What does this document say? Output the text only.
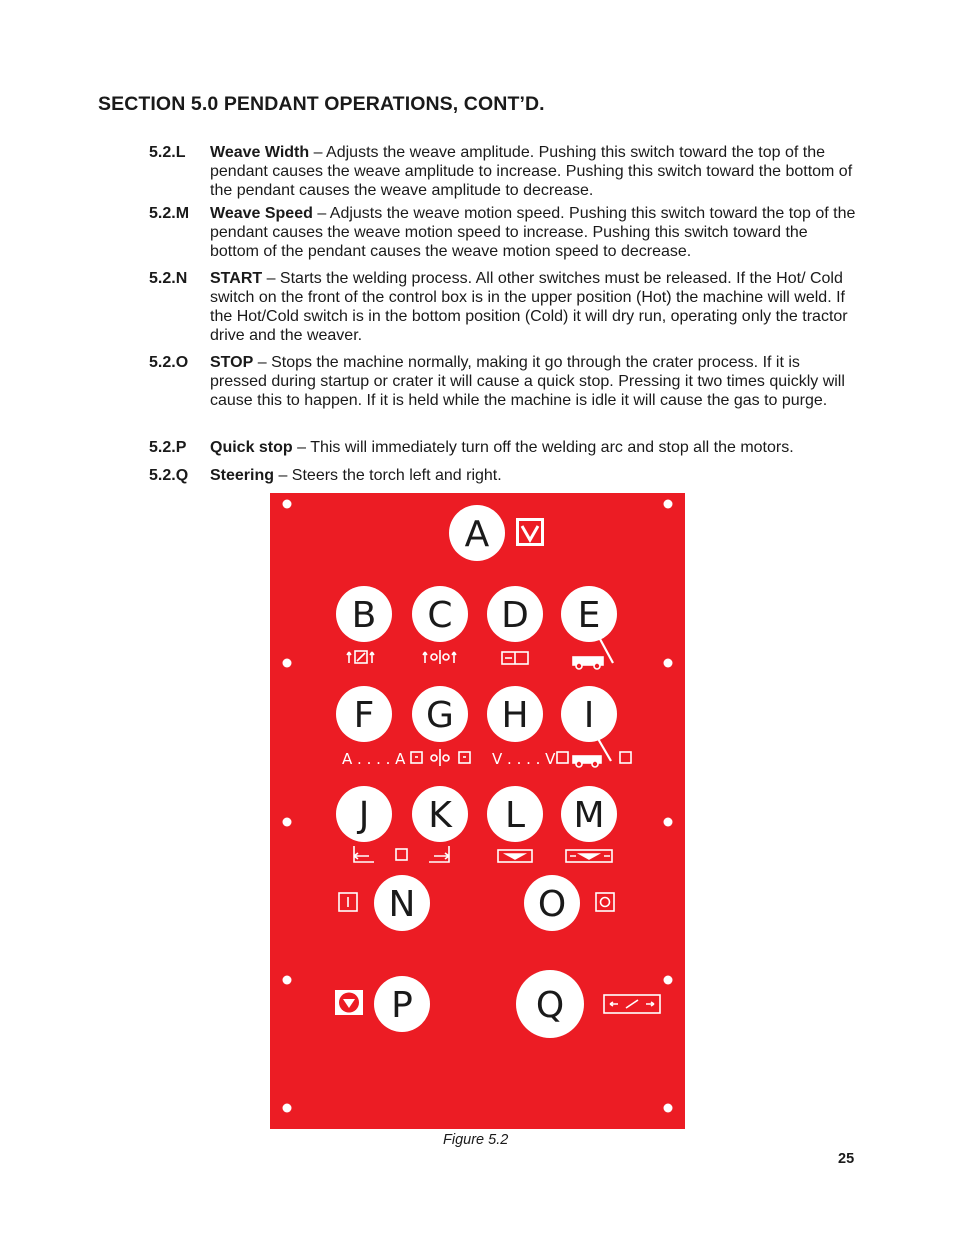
SECTION 5.0 PENDANT OPERATIONS, CONT’D.
5.2.L Weave Width – Adjusts the weave amplitude. Pushing this switch toward the top of the pendant causes the weave amplitude to increase. Pushing this switch toward the bottom of the pendant causes the weave amplitude to decrease.
5.2.M Weave Speed – Adjusts the weave motion speed. Pushing this switch toward the top of the pendant causes the weave motion speed to increase. Pushing this switch toward the bottom of the pendant causes the weave motion speed to decrease.
5.2.N START – Starts the welding process. All other switches must be released. If the Hot/ Cold switch on the front of the control box is in the upper position (Hot) the machine will weld. If the Hot/Cold switch is in the bottom position (Cold) it will dry run, operating only the tractor drive and the weaver.
5.2.O STOP – Stops the machine normally, making it go through the crater process. If it is pressed during startup or crater it will cause a quick stop. Pressing it two times quickly will cause this to happen. If it is held while the machine is idle it will cause the gas to purge.
5.2.P Quick stop – This will immediately turn off the welding arc and stop all the motors.
5.2.Q Steering – Steers the torch left and right.
A
B C D E
F G H I
J K L M
N	O
P	Q
A . . . . A	V . . . . V
Figure 5.2
25
